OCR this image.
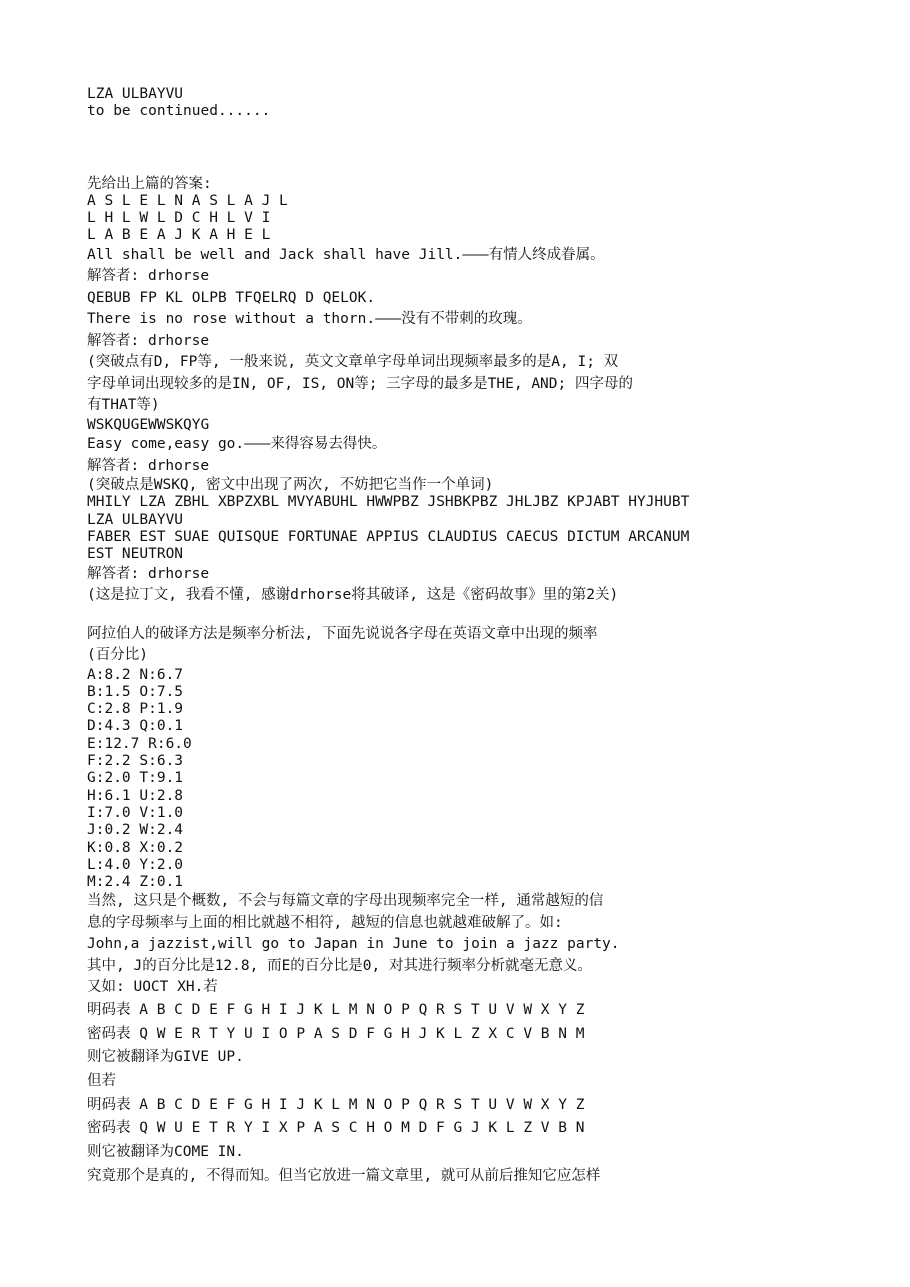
LZA ULBAYVU
to be continued......
先给出上篇的答案:
A S L E L N A S L A J L
L H L W L D C H L V I
L A B E A J K A H E L
All shall be well and Jack shall have Jill.———有情人终成眷属。
解答者: drhorse
QEBUB FP KL OLPB TFQELRQ D QELOK.
There is no rose without a thorn.———没有不带刺的玫瑰。
解答者: drhorse
(突破点有D, FP等, 一般来说, 英文文章单字母单词出现频率最多的是A, I; 双
字母单词出现较多的是IN, OF, IS, ON等; 三字母的最多是THE, AND; 四字母的
有THAT等)
WSKQUGEWWSKQYG
Easy come,easy go.———来得容易去得快。
解答者: drhorse
(突破点是WSKQ, 密文中出现了两次, 不妨把它当作一个单词)
MHILY LZA ZBHL XBPZXBL MVYABUHL HWWPBZ JSHBKPBZ JHLJBZ KPJABT HYJHUBT
LZA ULBAYVU
FABER EST SUAE QUISQUE FORTUNAE APPIUS CLAUDIUS CAECUS DICTUM ARCANUM
EST NEUTRON
解答者: drhorse
(这是拉丁文, 我看不懂, 感谢drhorse将其破译, 这是《密码故事》里的第2关)
阿拉伯人的破译方法是频率分析法, 下面先说说各字母在英语文章中出现的频率
(百分比)
A:8.2 N:6.7
B:1.5 O:7.5
C:2.8 P:1.9
D:4.3 Q:0.1
E:12.7 R:6.0
F:2.2 S:6.3
G:2.0 T:9.1
H:6.1 U:2.8
I:7.0 V:1.0
J:0.2 W:2.4
K:0.8 X:0.2
L:4.0 Y:2.0
M:2.4 Z:0.1
当然, 这只是个概数, 不会与每篇文章的字母出现频率完全一样, 通常越短的信
息的字母频率与上面的相比就越不相符, 越短的信息也就越难破解了。如:
John,a jazzist,will go to Japan in June to join a jazz party.
其中, J的百分比是12.8, 而E的百分比是0, 对其进行频率分析就毫无意义。
又如: UOCT XH.若
明码表 A B C D E F G H I J K L M N O P Q R S T U V W X Y Z
密码表 Q W E R T Y U I O P A S D F G H J K L Z X C V B N M
则它被翻译为GIVE UP.
但若
明码表 A B C D E F G H I J K L M N O P Q R S T U V W X Y Z
密码表 Q W U E T R Y I X P A S C H O M D F G J K L Z V B N
则它被翻译为COME IN.
究竟那个是真的, 不得而知。但当它放进一篇文章里, 就可从前后推知它应怎样
